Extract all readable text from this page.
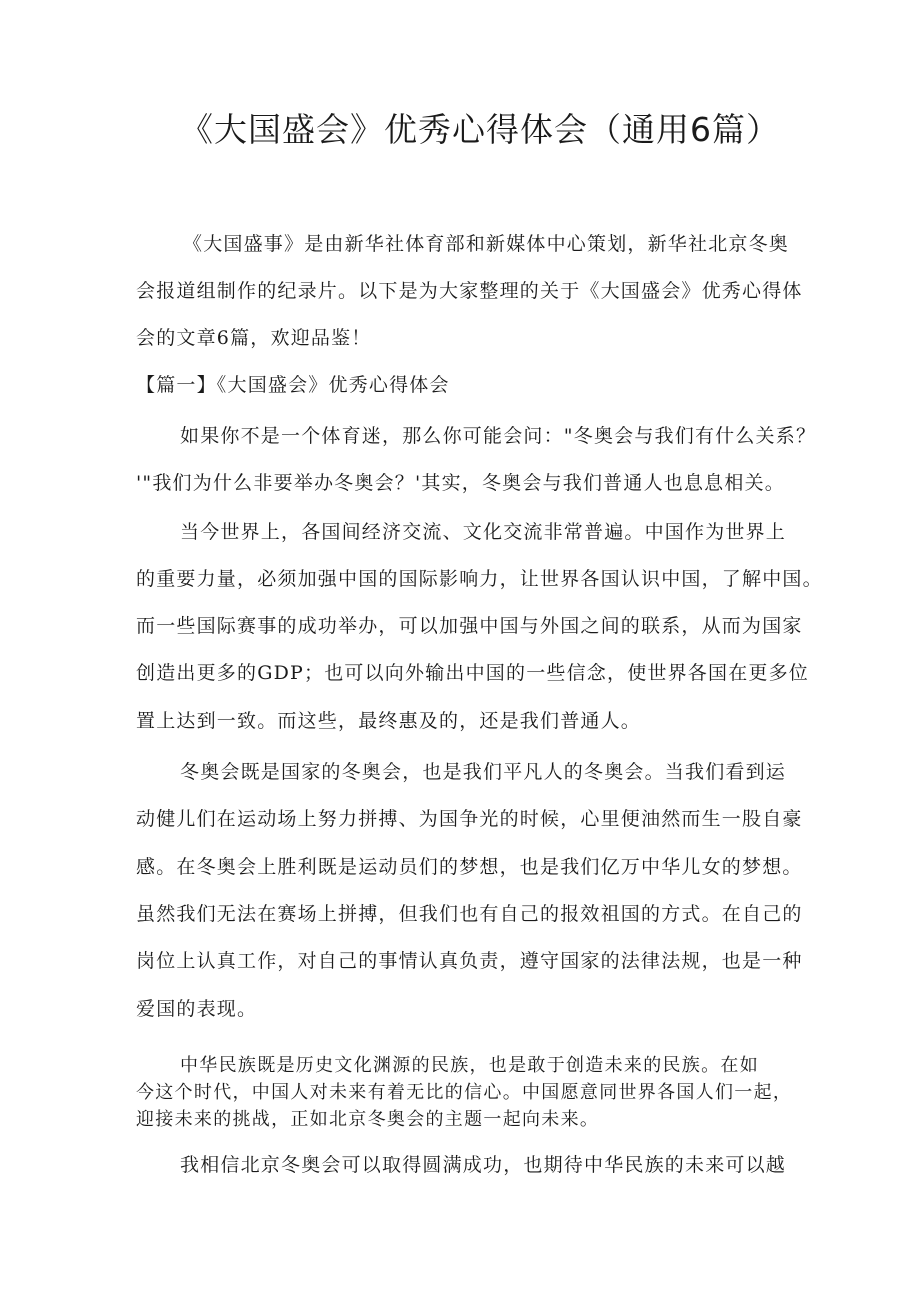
《大国盛会》优秀心得体会（通用6篇）

《大国盛事》是由新华社体育部和新媒体中心策划，新华社北京冬奥

会报道组制作的纪录片。以下是为大家整理的关于《大国盛会》优秀心得体

会的文章6篇，欢迎品鉴！

【篇一】《大国盛会》优秀心得体会

如果你不是一个体育迷，那么你可能会问："冬奥会与我们有什么关系？

'"我们为什么非要举办冬奥会？'其实，冬奥会与我们普通人也息息相关。

当今世界上，各国间经济交流、文化交流非常普遍。中国作为世界上

的重要力量，必须加强中国的国际影响力，让世界各国认识中国，了解中国。

而一些国际赛事的成功举办，可以加强中国与外国之间的联系，从而为国家

创造出更多的GDP；也可以向外输出中国的一些信念，使世界各国在更多位

置上达到一致。而这些，最终惠及的，还是我们普通人。

冬奥会既是国家的冬奥会，也是我们平凡人的冬奥会。当我们看到运

动健儿们在运动场上努力拼搏、为国争光的时候，心里便油然而生一股自豪

感。在冬奥会上胜利既是运动员们的梦想，也是我们亿万中华儿女的梦想。

虽然我们无法在赛场上拼搏，但我们也有自己的报效祖国的方式。在自己的

岗位上认真工作，对自己的事情认真负责，遵守国家的法律法规，也是一种

爱国的表现。

中华民族既是历史文化渊源的民族，也是敢于创造未来的民族。在如

今这个时代，中国人对未来有着无比的信心。中国愿意同世界各国人们一起，

迎接未来的挑战，正如北京冬奥会的主题一起向未来。

我相信北京冬奥会可以取得圆满成功，也期待中华民族的未来可以越
